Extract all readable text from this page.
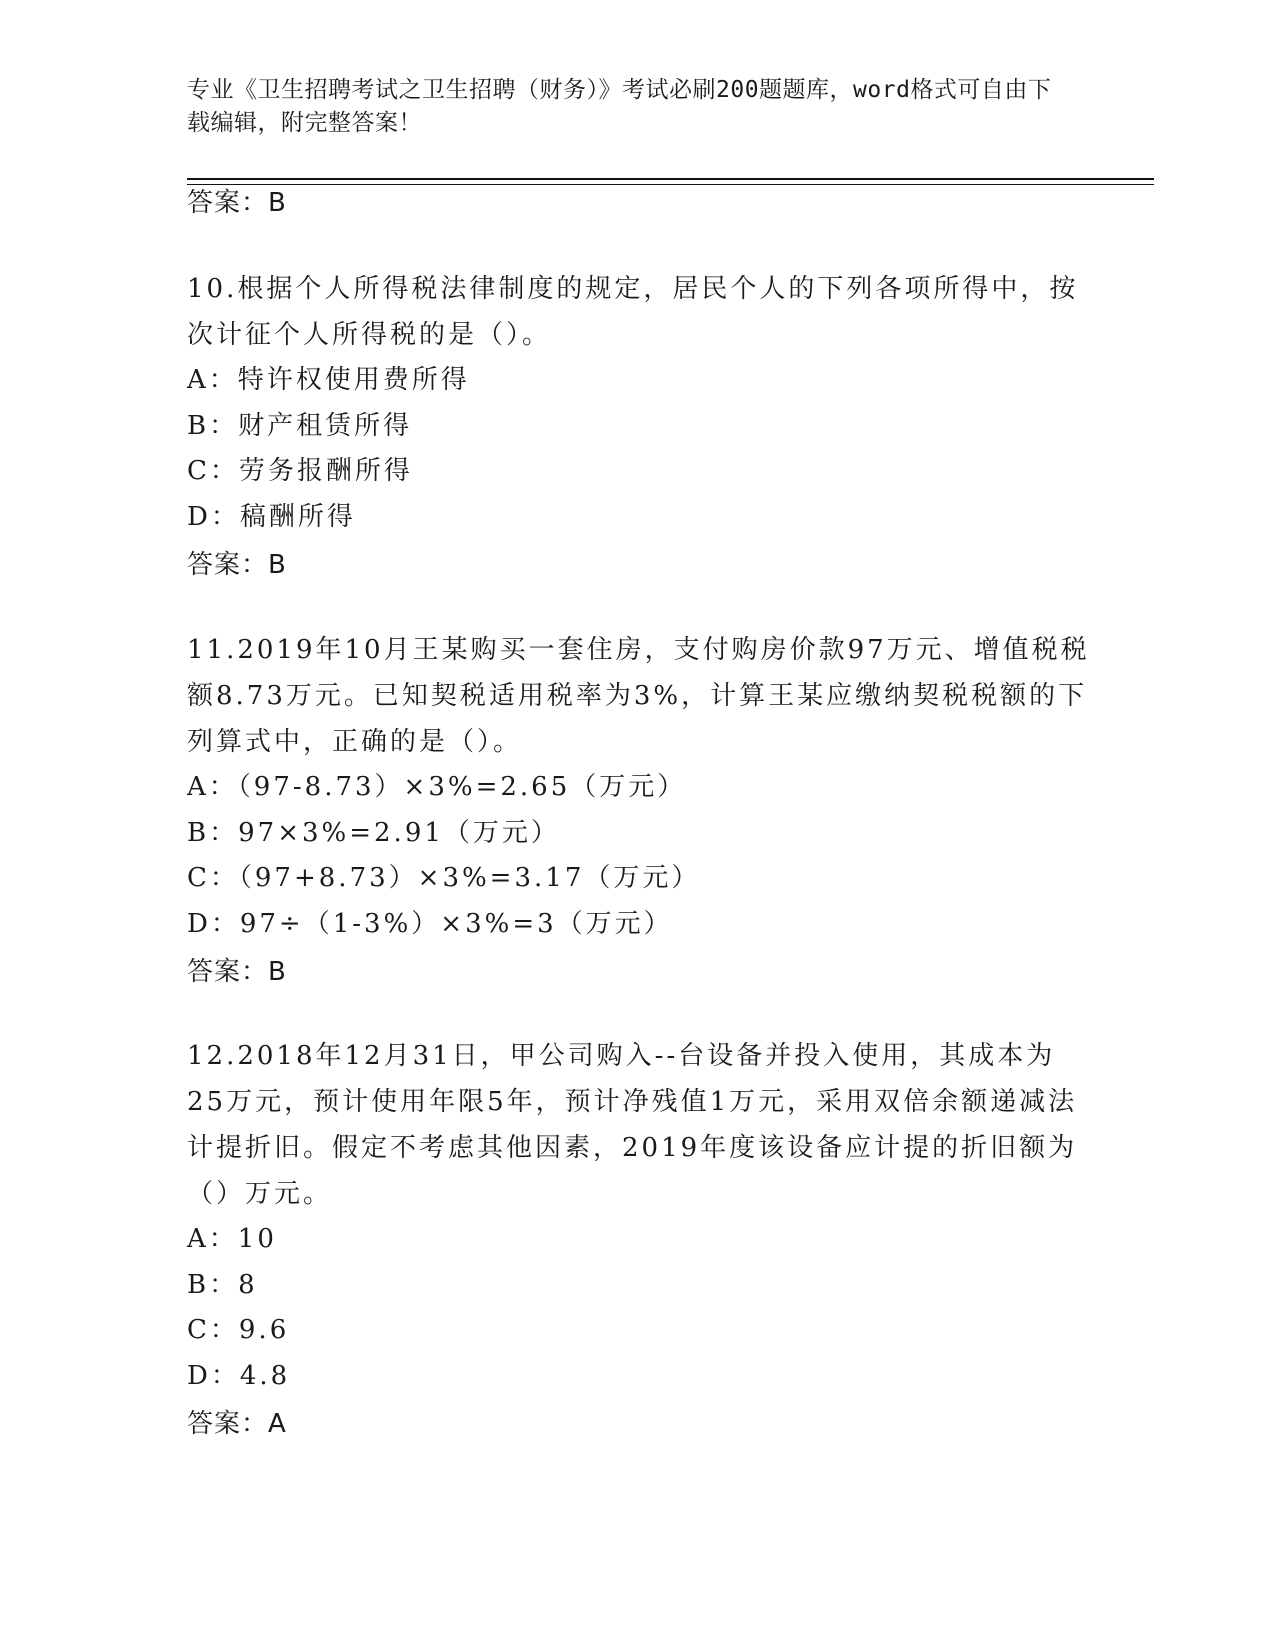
专业《卫生招聘考试之卫生招聘（财务）》考试必刷200题题库，word格式可自由下载编辑，附完整答案！
答案：B
10.根据个人所得税法律制度的规定，居民个人的下列各项所得中，按次计征个人所得税的是（）。
A：特许权使用费所得
B：财产租赁所得
C：劳务报酬所得
D：稿酬所得
答案：B
11.2019年10月王某购买一套住房，支付购房价款97万元、增值税税额8.73万元。已知契税适用税率为3%，计算王某应缴纳契税税额的下列算式中，正确的是（）。
A：（97-8.73）×3%=2.65（万元）
B：97×3%=2.91（万元）
C：（97+8.73）×3%=3.17（万元）
D：97÷（1-3%）×3%=3（万元）
答案：B
12.2018年12月31日，甲公司购入--台设备并投入使用，其成本为25万元，预计使用年限5年，预计净残值1万元，采用双倍余额递减法计提折旧。假定不考虑其他因素，2019年度该设备应计提的折旧额为（）万元。
A：10
B：8
C：9.6
D：4.8
答案：A
